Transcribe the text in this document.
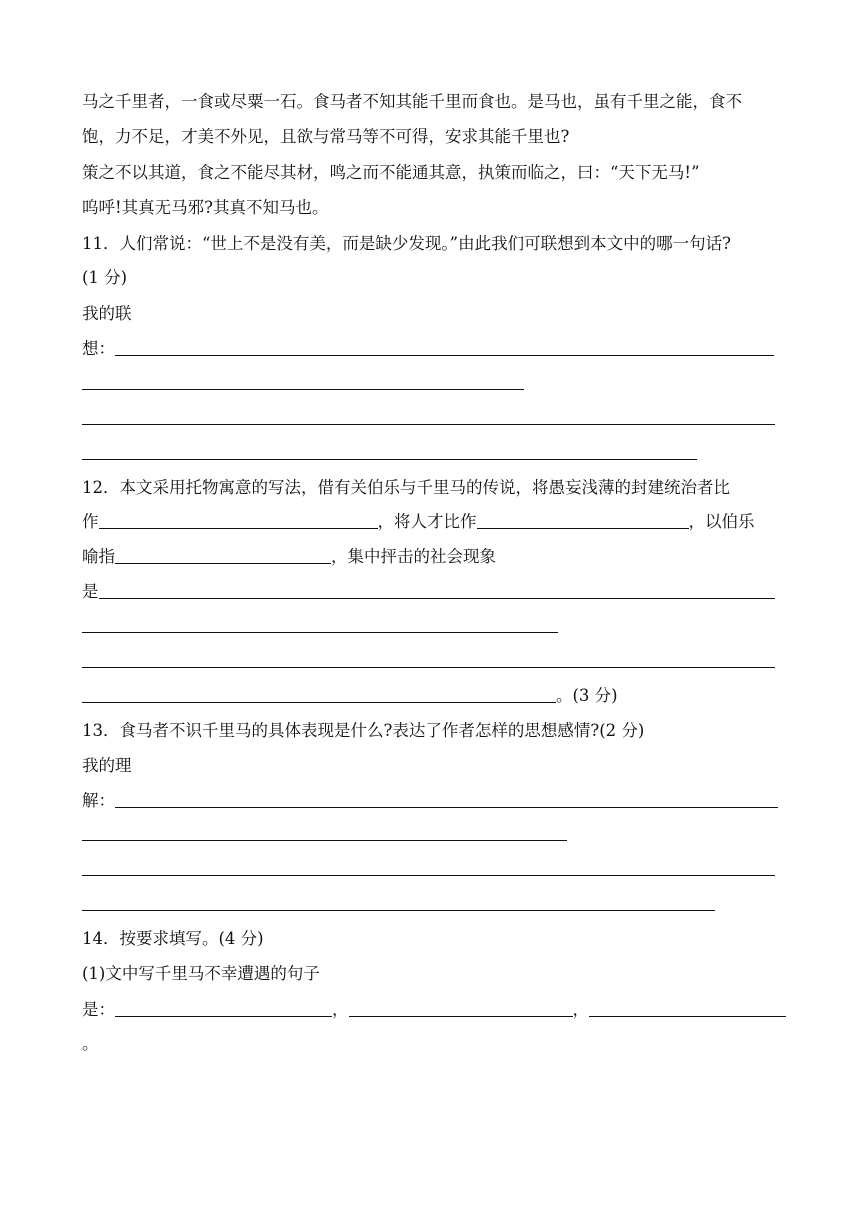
马之千里者，一食或尽粟一石。食马者不知其能千里而食也。是马也，虽有千里之能，食不
饱，力不足，才美不外见，且欲与常马等不可得，安求其能千里也?
策之不以其道，食之不能尽其材，鸣之而不能通其意，执策而临之，曰：“天下无马!”
呜呼!其真无马邪?其真不知马也。
11．人们常说：“世上不是没有美，而是缺少发现。”由此我们可联想到本文中的哪一句话?
(1 分)
我的联
想：
12．本文采用托物寓意的写法，借有关伯乐与千里马的传说，将愚妄浅薄的封建统治者比
作	，将人才比作	，以伯乐
喻指	，集中抨击的社会现象
是
。(3 分)
13．食马者不识千里马的具体表现是什么?表达了作者怎样的思想感情?(2 分)
我的理
解：
14．按要求填写。(4 分)
(1)文中写千里马不幸遭遇的句子
是：	，	，
。
